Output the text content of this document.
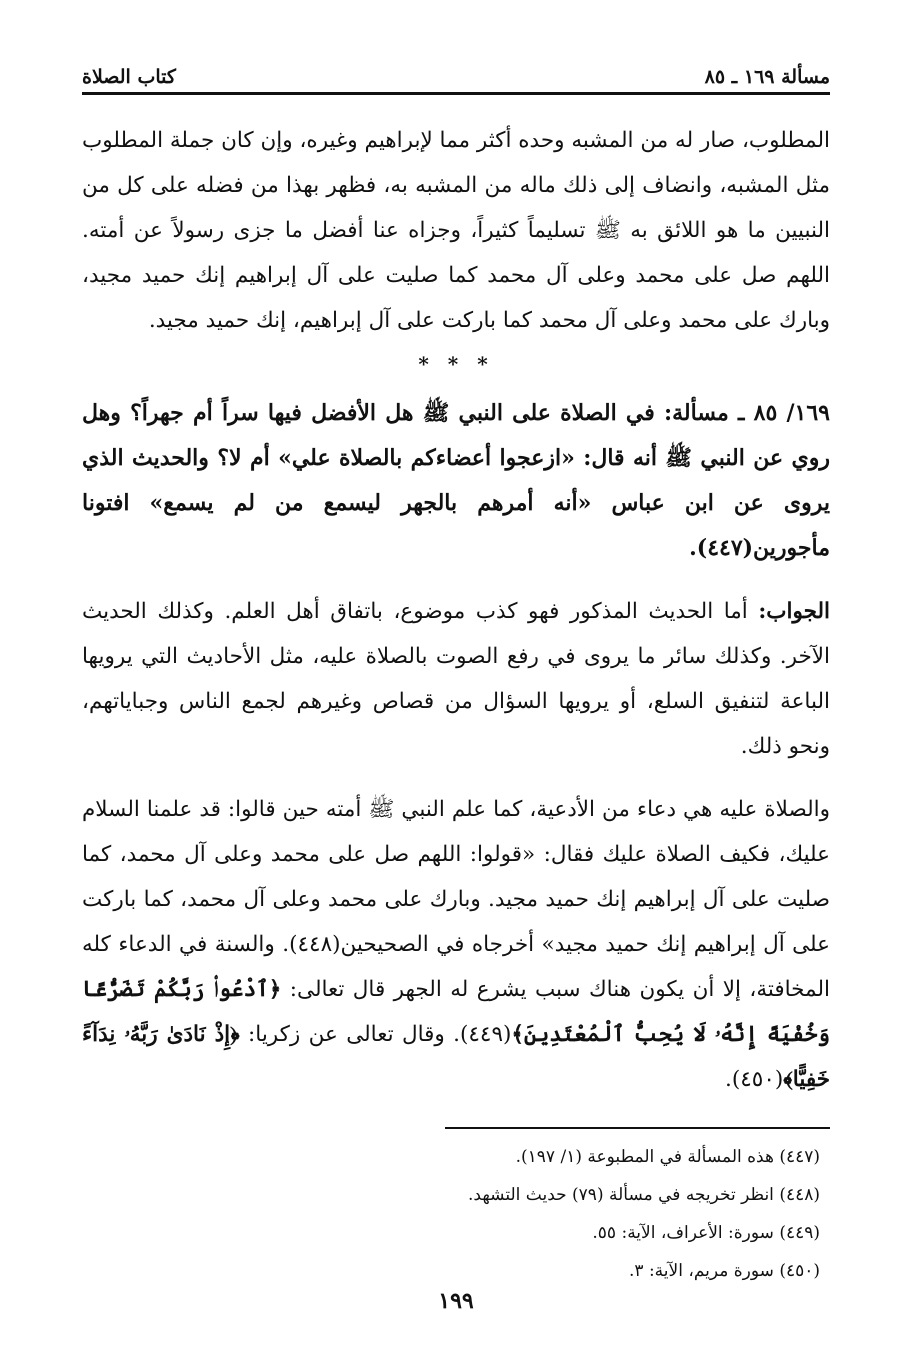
مسألة ١٦٩ ـ ٨٥
كتاب الصلاة

المطلوب، صار له من المشبه وحده أكثر مما لإبراهيم وغيره، وإن كان جملة المطلوب مثل المشبه، وانضاف إلى ذلك ماله من المشبه به، فظهر بهذا من فضله على كل من النبيين ما هو اللائق به ﷺ تسليماً كثيراً، وجزاه عنا أفضل ما جزى رسولاً عن أمته. اللهم صل على محمد وعلى آل محمد كما صليت على آل إبراهيم إنك حميد مجيد، وبارك على محمد وعلى آل محمد كما باركت على آل إبراهيم، إنك حميد مجيد.

* * *

١٦٩/ ٨٥ ـ مسألة: في الصلاة على النبي ﷺ هل الأفضل فيها سراً أم جهراً؟ وهل روي عن النبي ﷺ أنه قال: «ازعجوا أعضاءكم بالصلاة علي» أم لا؟ والحديث الذي يروى عن ابن عباس «أنه أمرهم بالجهر ليسمع من لم يسمع» افتونا مأجورين(٤٤٧).

الجواب: أما الحديث المذكور فهو كذب موضوع، باتفاق أهل العلم. وكذلك الحديث الآخر. وكذلك سائر ما يروى في رفع الصوت بالصلاة عليه، مثل الأحاديث التي يرويها الباعة لتنفيق السلع، أو يرويها السؤال من قصاص وغيرهم لجمع الناس وجباياتهم، ونحو ذلك.

والصلاة عليه هي دعاء من الأدعية، كما علم النبي ﷺ أمته حين قالوا: قد علمنا السلام عليك، فكيف الصلاة عليك فقال: «قولوا: اللهم صل على محمد وعلى آل محمد، كما صليت على آل إبراهيم إنك حميد مجيد. وبارك على محمد وعلى آل محمد، كما باركت على آل إبراهيم إنك حميد مجيد» أخرجاه في الصحيحين(٤٤٨). والسنة في الدعاء كله المخافتة، إلا أن يكون هناك سبب يشرع له الجهر قال تعالى: ﴿ٱدْعُوا۟ رَبَّكُمْ تَضَرُّعًا وَخُفْيَةً إِنَّهُۥ لَا يُحِبُّ ٱلْمُعْتَدِينَ﴾(٤٤٩). وقال تعالى عن زكريا: ﴿إِذْ نَادَىٰ رَبَّهُۥ نِدَآءً خَفِيًّا﴾(٤٥٠).

(٤٤٧) هذه المسألة في المطبوعة (١/ ١٩٧).
(٤٤٨) انظر تخريجه في مسألة (٧٩) حديث التشهد.
(٤٤٩) سورة: الأعراف، الآية: ٥٥.
(٤٥٠) سورة مريم، الآية: ٣.
١٩٩
